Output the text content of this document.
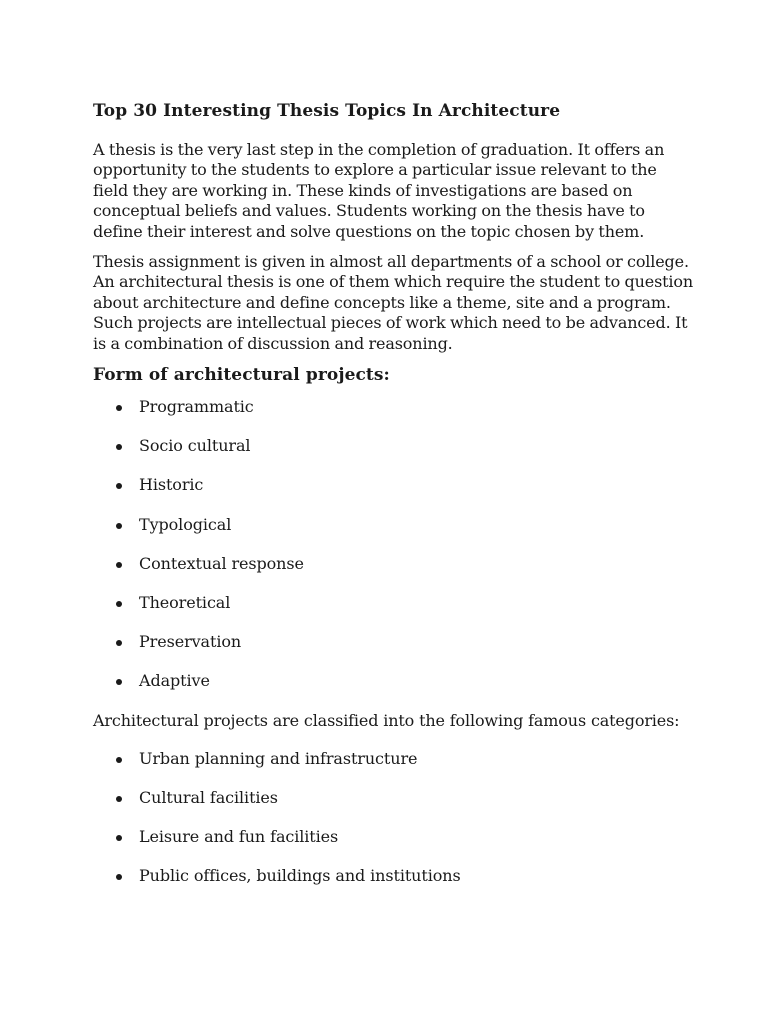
Top 30 Interesting Thesis Topics In Architecture

A thesis is the very last step in the completion of graduation. It offers an opportunity to the students to explore a particular issue relevant to the field they are working in. These kinds of investigations are based on conceptual beliefs and values. Students working on the thesis have to define their interest and solve questions on the topic chosen by them.

Thesis assignment is given in almost all departments of a school or college. An architectural thesis is one of them which require the student to question about architecture and define concepts like a theme, site and a program. Such projects are intellectual pieces of work which need to be advanced. It is a combination of discussion and reasoning.

Form of architectural projects:
Programmatic
Socio cultural
Historic
Typological
Contextual response
Theoretical
Preservation
Adaptive

Architectural projects are classified into the following famous categories:

Urban planning and infrastructure
Cultural facilities
Leisure and fun facilities
Public offices, buildings and institutions
